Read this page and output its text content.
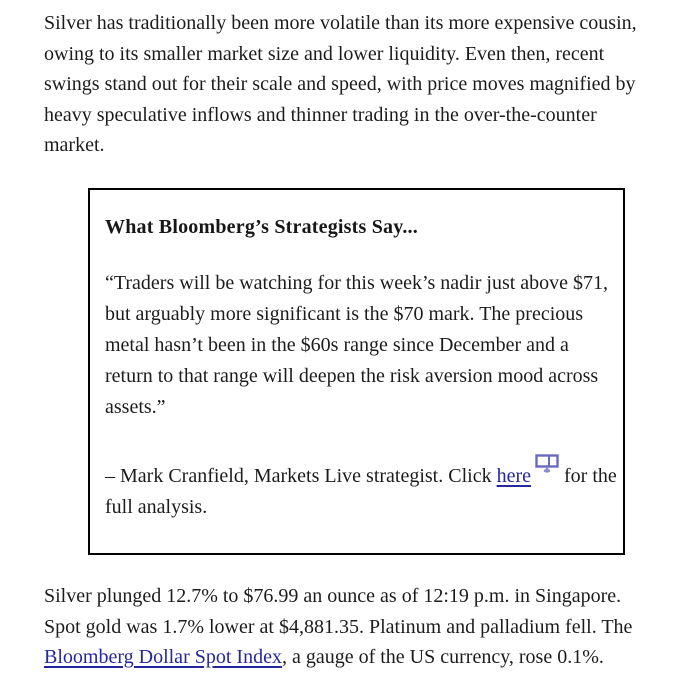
Silver has traditionally been more volatile than its more expensive cousin, owing to its smaller market size and lower liquidity. Even then, recent swings stand out for their scale and speed, with price moves magnified by heavy speculative inflows and thinner trading in the over-the-counter market.

What Bloomberg’s Strategists Say...

“Traders will be watching for this week’s nadir just above $71, but arguably more significant is the $70 mark. The precious metal hasn’t been in the $60s range since December and a return to that range will deepen the risk aversion mood across assets.”

– Mark Cranfield, Markets Live strategist. Click here
for the full analysis.

Silver plunged 12.7% to $76.99 an ounce as of 12:19 p.m. in Singapore. Spot gold was 1.7% lower at $4,881.35. Platinum and palladium fell. The Bloomberg Dollar Spot Index, a gauge of the US currency, rose 0.1%.
